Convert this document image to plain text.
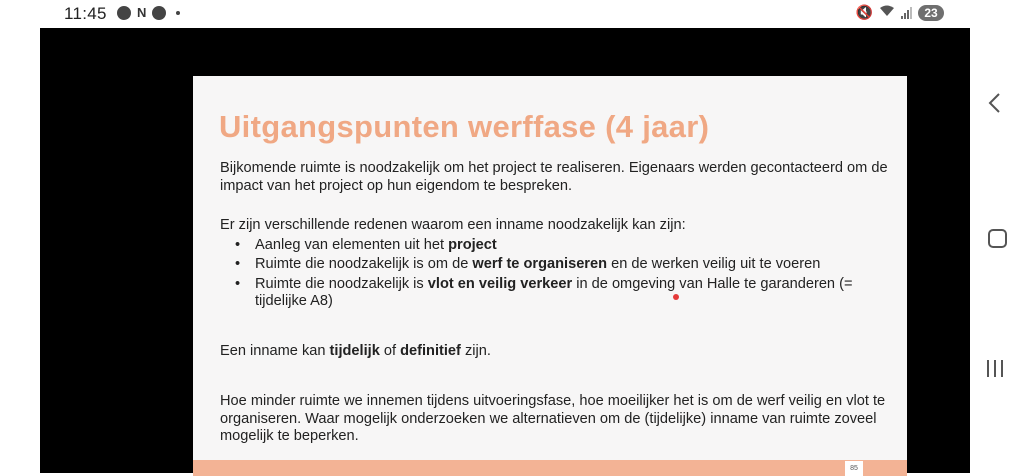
11:45 N	🔇	23
Uitgangspunten werffase (4 jaar)

Bijkomende ruimte is noodzakelijk om het project te realiseren. Eigenaars werden gecontacteerd om de impact van het project op hun eigendom te bespreken.

Er zijn verschillende redenen waarom een inname noodzakelijk kan zijn:

• Aanleg van elementen uit het project
• Ruimte die noodzakelijk is om de werf te organiseren en de werken veilig uit te voeren
• Ruimte die noodzakelijk is vlot en veilig verkeer in de omgeving van Halle te garanderen (= tijdelijke A8)

Een inname kan tijdelijk of definitief zijn.

Hoe minder ruimte we innemen tijdens uitvoeringsfase, hoe moeilijker het is om de werf veilig en vlot te organiseren. Waar mogelijk onderzoeken we alternatieven om de (tijdelijke) inname van ruimte zoveel mogelijk te beperken.

85
